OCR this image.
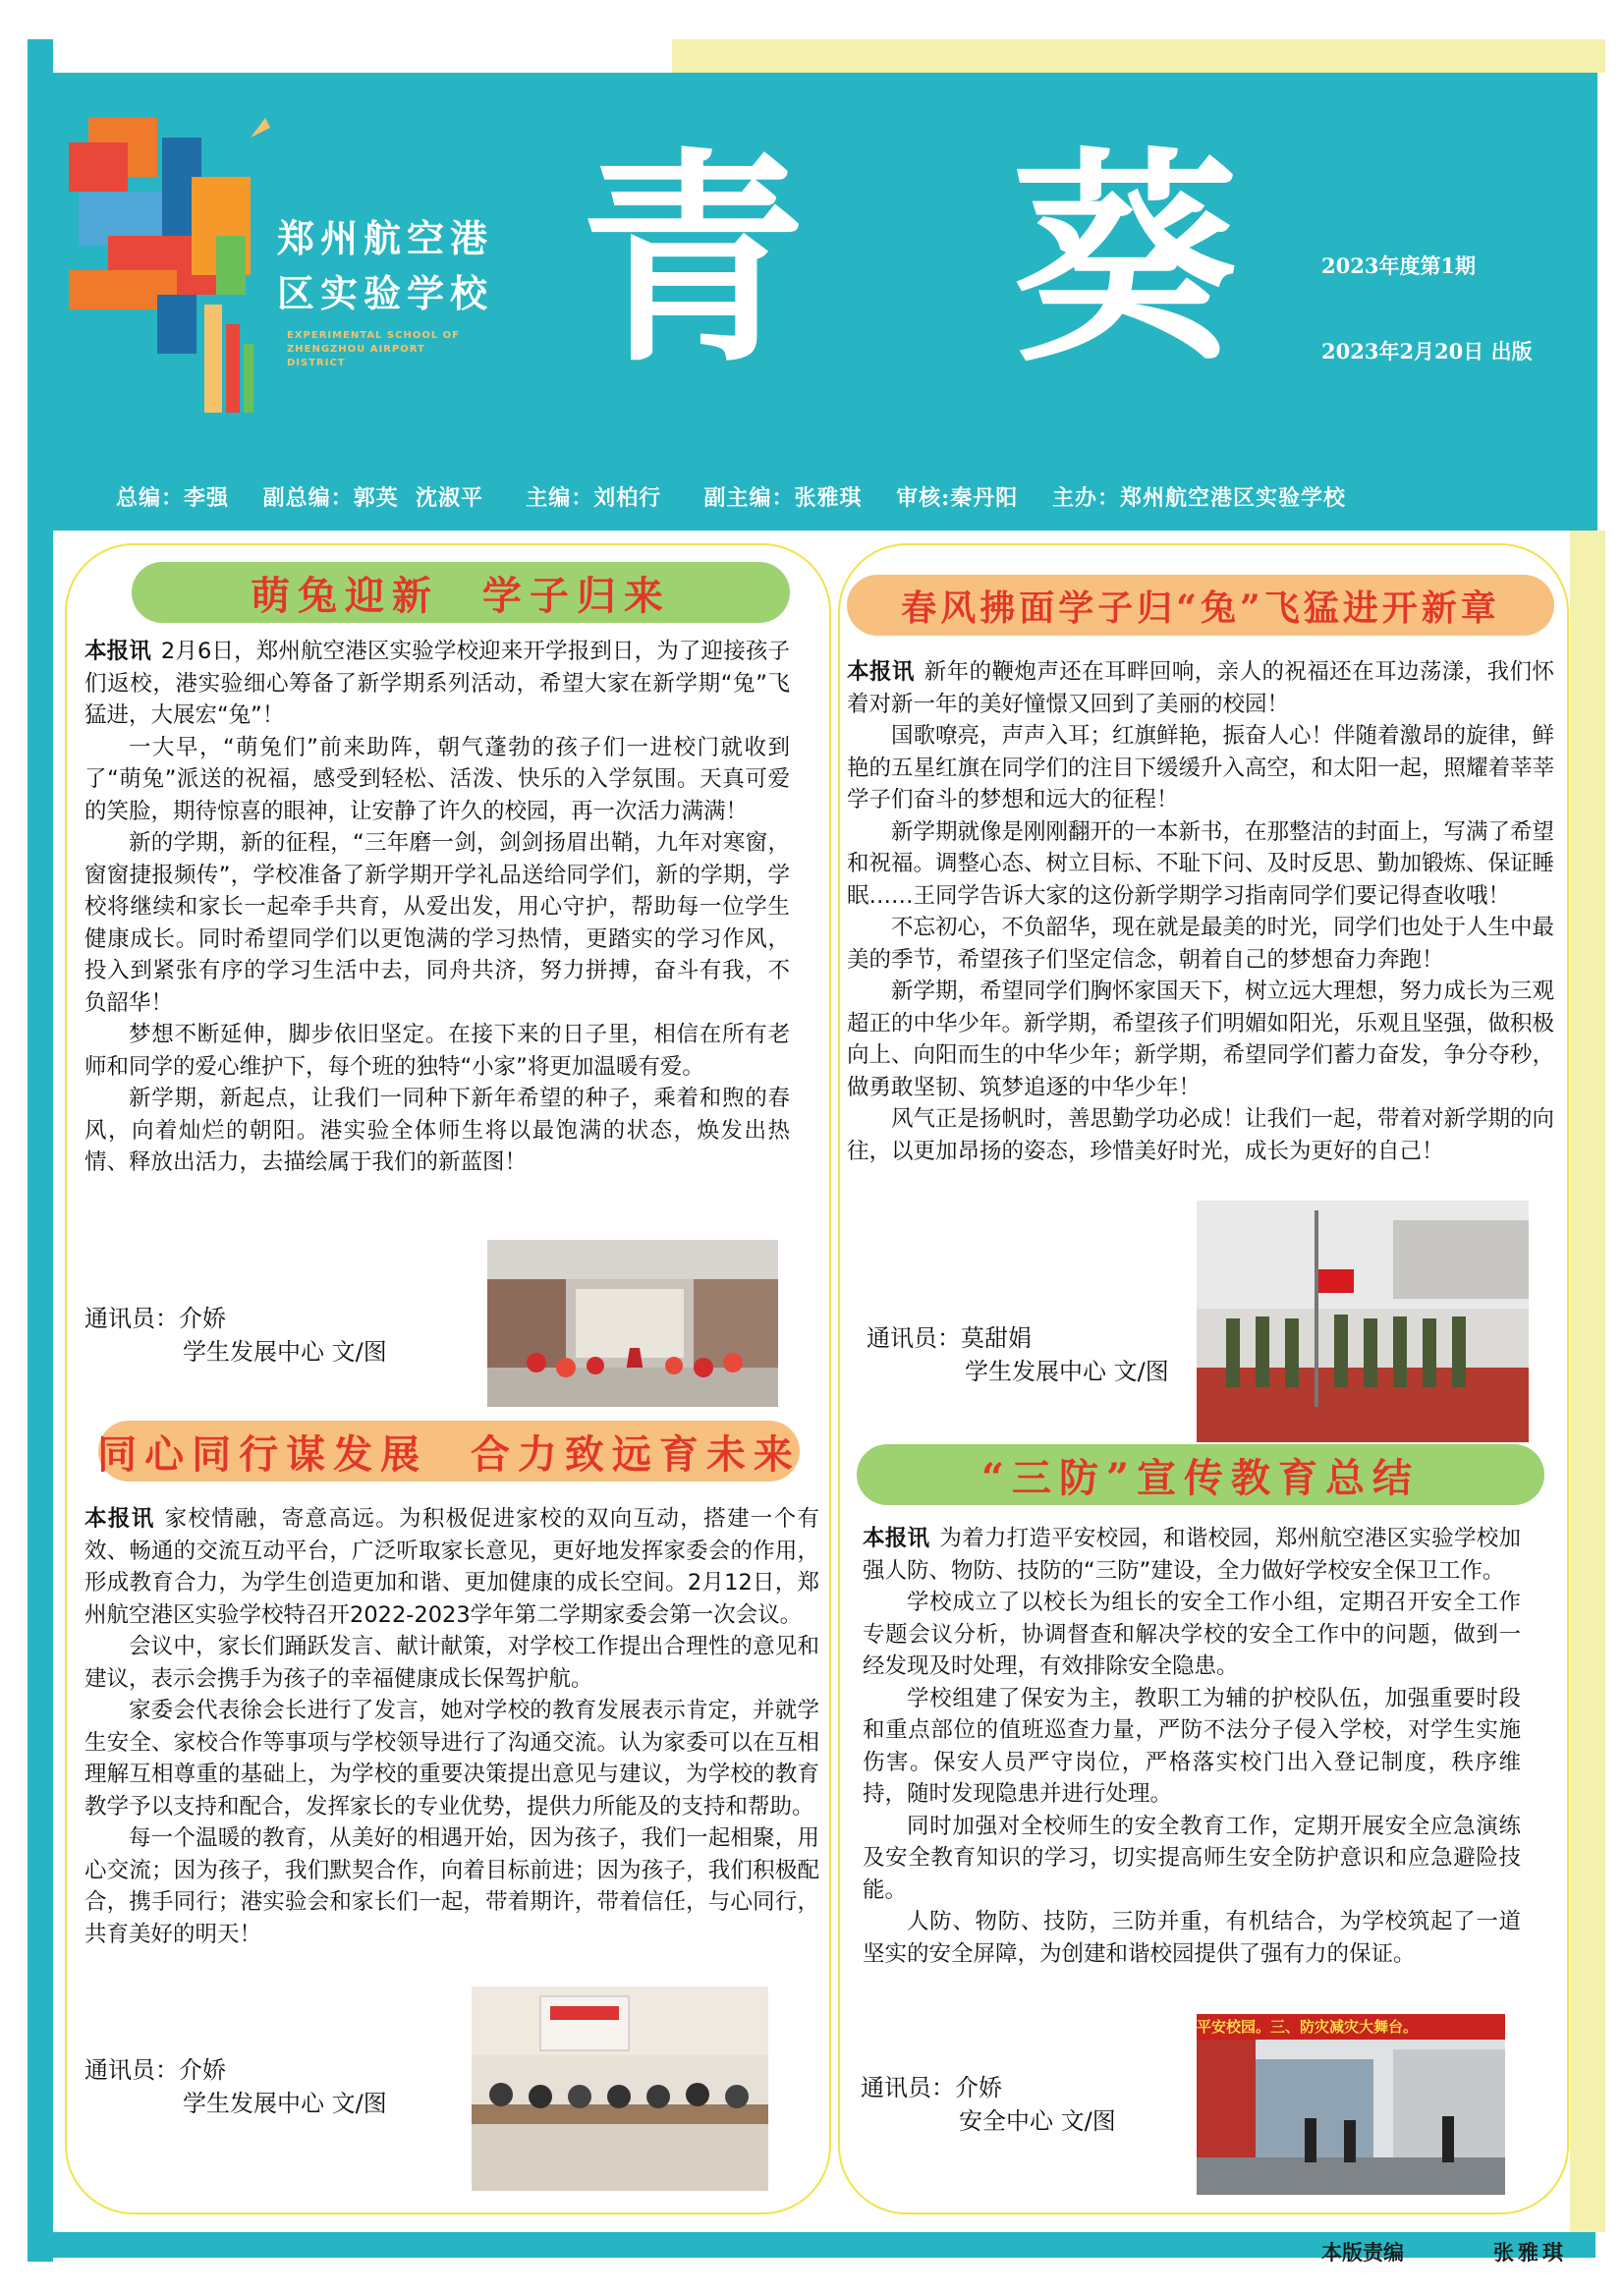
郑州航空港区实验学校
EXPERIMENTAL SCHOOL OF ZHENGZHOU AIRPORT DISTRICT	青 葵	2023年度第1期
2023年2月20日 出版
总编：李强    副总编：郭英  沈淑平     主编：刘柏行     副主编：张雅琪    审核:秦丹阳    主办：郑州航空港区实验学校
萌兔迎新  学子归来

本报讯 2月6日，郑州航空港区实验学校迎来开学报到日，为了迎接孩子们返校，港实验细心筹备了新学期系列活动，希望大家在新学期“兔”飞猛进，大展宏“兔”！

一大早，“萌兔们”前来助阵，朝气蓬勃的孩子们一进校门就收到了“萌兔”派送的祝福，感受到轻松、活泼、快乐的入学氛围。天真可爱的笑脸，期待惊喜的眼神，让安静了许久的校园，再一次活力满满！

新的学期，新的征程，“三年磨一剑，剑剑扬眉出鞘，九年对寒窗，窗窗捷报频传”，学校准备了新学期开学礼品送给同学们，新的学期，学校将继续和家长一起牵手共育，从爱出发，用心守护，帮助每一位学生健康成长。同时希望同学们以更饱满的学习热情，更踏实的学习作风，投入到紧张有序的学习生活中去，同舟共济，努力拼搏，奋斗有我，不负韶华！

梦想不断延伸，脚步依旧坚定。在接下来的日子里，相信在所有老师和同学的爱心维护下，每个班的独特“小家”将更加温暖有爱。

新学期，新起点，让我们一同种下新年希望的种子，乘着和煦的春风，向着灿烂的朝阳。港实验全体师生将以最饱满的状态，焕发出热情、释放出活力，去描绘属于我们的新蓝图！

通讯员：介娇
学生发展中心 文/图
同心同行谋发展  合力致远育未来

本报讯 家校情融，寄意高远。为积极促进家校的双向互动，搭建一个有效、畅通的交流互动平台，广泛听取家长意见，更好地发挥家委会的作用，形成教育合力，为学生创造更加和谐、更加健康的成长空间。2月12日，郑州航空港区实验学校特召开2022-2023学年第二学期家委会第一次会议。

会议中，家长们踊跃发言、献计献策，对学校工作提出合理性的意见和建议，表示会携手为孩子的幸福健康成长保驾护航。

家委会代表徐会长进行了发言，她对学校的教育发展表示肯定，并就学生安全、家校合作等事项与学校领导进行了沟通交流。认为家委可以在互相理解互相尊重的基础上，为学校的重要决策提出意见与建议，为学校的教育教学予以支持和配合，发挥家长的专业优势，提供力所能及的支持和帮助。

每一个温暖的教育，从美好的相遇开始，因为孩子，我们一起相聚，用心交流；因为孩子，我们默契合作，向着目标前进；因为孩子，我们积极配合，携手同行；港实验会和家长们一起，带着期许，带着信任，与心同行，共育美好的明天！

通讯员：介娇
学生发展中心 文/图
春风拂面学子归“兔”飞猛进开新章

本报讯 新年的鞭炮声还在耳畔回响，亲人的祝福还在耳边荡漾，我们怀着对新一年的美好憧憬又回到了美丽的校园！

国歌嘹亮，声声入耳；红旗鲜艳，振奋人心！伴随着激昂的旋律，鲜艳的五星红旗在同学们的注目下缓缓升入高空，和太阳一起，照耀着莘莘学子们奋斗的梦想和远大的征程！

新学期就像是刚刚翻开的一本新书，在那整洁的封面上，写满了希望和祝福。调整心态、树立目标、不耻下问、及时反思、勤加锻炼、保证睡眠……王同学告诉大家的这份新学期学习指南同学们要记得查收哦！

不忘初心，不负韶华，现在就是最美的时光，同学们也处于人生中最美的季节，希望孩子们坚定信念，朝着自己的梦想奋力奔跑！

新学期，希望同学们胸怀家国天下，树立远大理想，努力成长为三观超正的中华少年。新学期，希望孩子们明媚如阳光，乐观且坚强，做积极向上、向阳而生的中华少年；新学期，希望同学们蓄力奋发，争分夺秒，做勇敢坚韧、筑梦追逐的中华少年！

风气正是扬帆时，善思勤学功必成！让我们一起，带着对新学期的向往，以更加昂扬的姿态，珍惜美好时光，成长为更好的自己！

通讯员：莫甜娟
学生发展中心 文/图
“三防”宣传教育总结

本报讯 为着力打造平安校园，和谐校园，郑州航空港区实验学校加强人防、物防、技防的“三防”建设，全力做好学校安全保卫工作。

学校成立了以校长为组长的安全工作小组，定期召开安全工作专题会议分析，协调督查和解决学校的安全工作中的问题，做到一经发现及时处理，有效排除安全隐患。

学校组建了保安为主，教职工为辅的护校队伍，加强重要时段和重点部位的值班巡查力量，严防不法分子侵入学校，对学生实施伤害。保安人员严守岗位，严格落实校门出入登记制度，秩序维持，随时发现隐患并进行处理。

同时加强对全校师生的安全教育工作，定期开展安全应急演练及安全教育知识的学习，切实提高师生安全防护意识和应急避险技能。

人防、物防、技防，三防并重，有机结合，为学校筑起了一道坚实的安全屏障，为创建和谐校园提供了强有力的保证。

通讯员：介娇
安全中心 文/图
平安校园。三、防灾减灾大舞台。
本版责编	张雅琪
